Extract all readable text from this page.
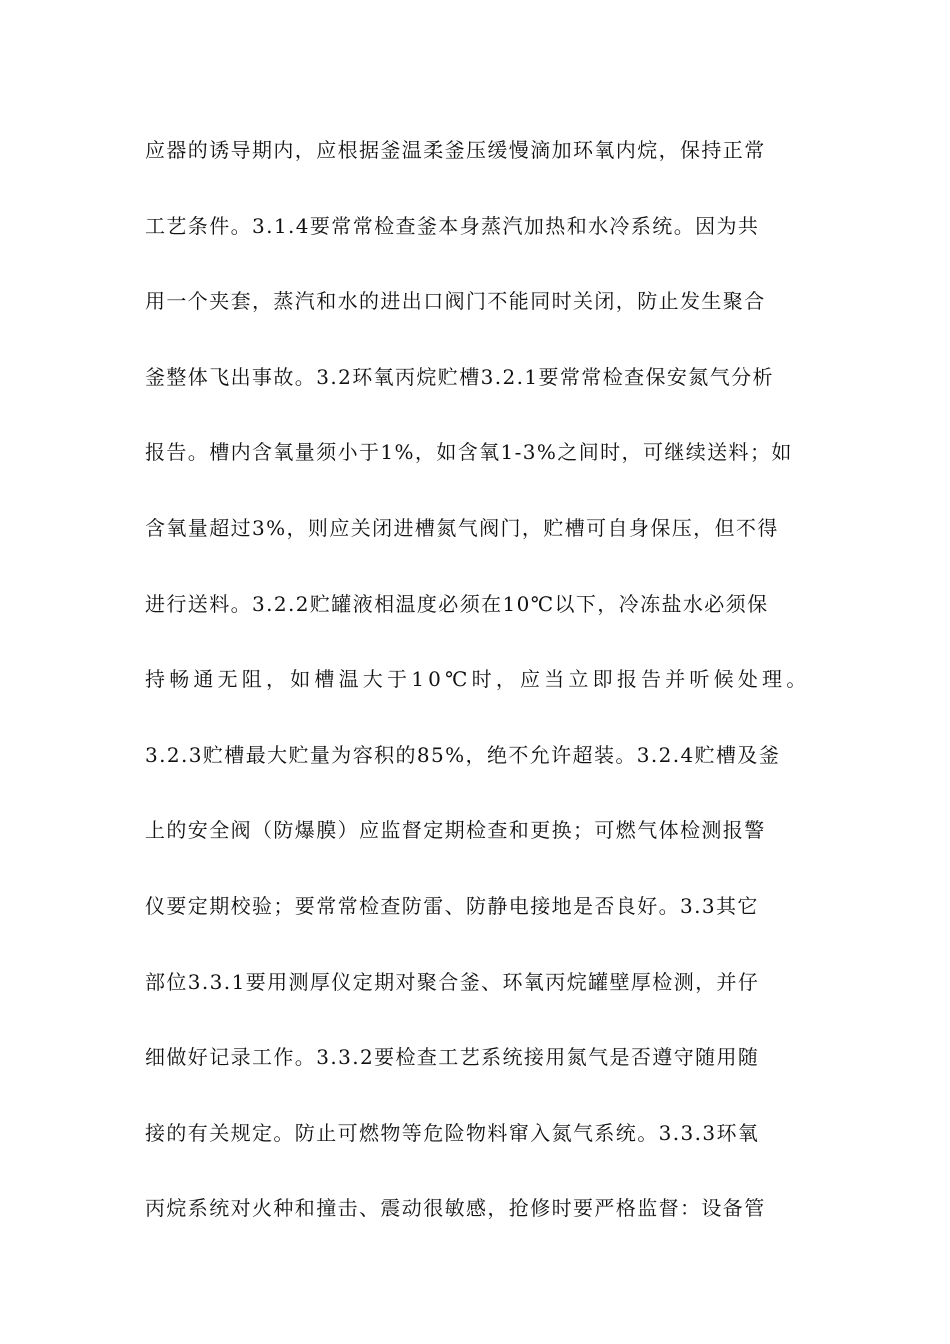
应器的诱导期内，应根据釜温柔釜压缓慢滴加环氧内烷，保持正常
工艺条件。3.1.4要常常检查釜本身蒸汽加热和水冷系统。因为共
用一个夹套，蒸汽和水的进出口阀门不能同时关闭，防止发生聚合
釜整体飞出事故。3.2环氧丙烷贮槽3.2.1要常常检查保安氮气分析
报告。槽内含氧量须小于1%，如含氧1-3%之间时，可继续送料；如
含氧量超过3%，则应关闭进槽氮气阀门，贮槽可自身保压，但不得
进行送料。3.2.2贮罐液相温度必须在10℃以下，冷冻盐水必须保
持畅通无阻，如槽温大于10℃时，应当立即报告并听候处理。
3.2.3贮槽最大贮量为容积的85%，绝不允许超装。3.2.4贮槽及釜
上的安全阀（防爆膜）应监督定期检查和更换；可燃气体检测报警
仪要定期校验；要常常检查防雷、防静电接地是否良好。3.3其它
部位3.3.1要用测厚仪定期对聚合釜、环氧丙烷罐壁厚检测，并仔
细做好记录工作。3.3.2要检查工艺系统接用氮气是否遵守随用随
接的有关规定。防止可燃物等危险物料窜入氮气系统。3.3.3环氧
丙烷系统对火种和撞击、震动很敏感，抢修时要严格监督：设备管
